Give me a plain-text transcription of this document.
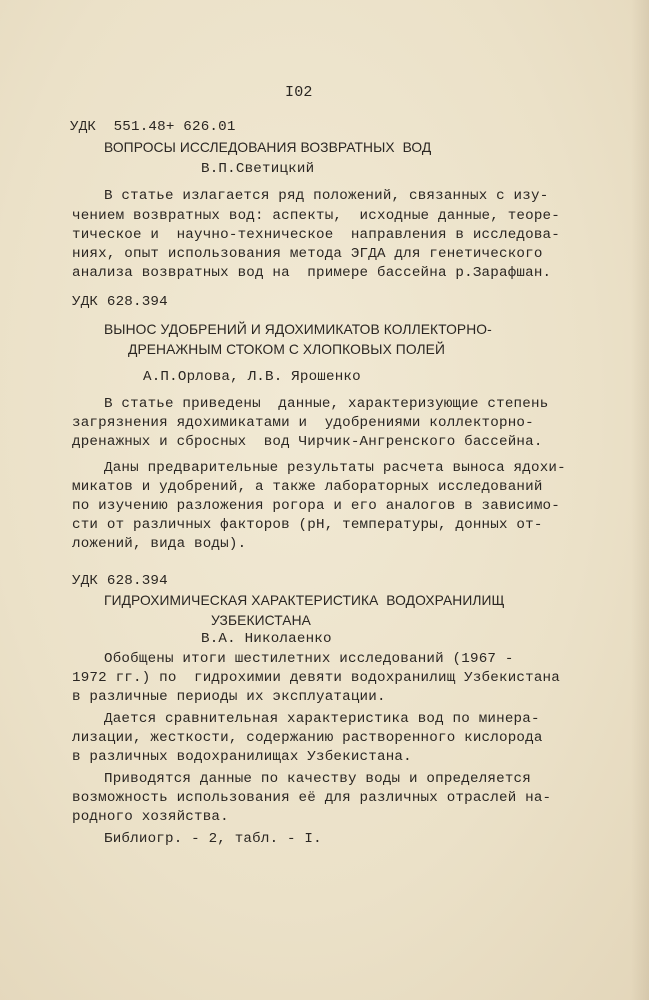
I02
УДК  551.48+ 626.01
ВОПРОСЫ ИССЛЕДОВАНИЯ ВОЗВРАТНЫХ  ВОД
В.П.Светицкий
В статье излагается ряд положений, связанных с изу-
чением возвратных вод: аспекты,  исходные данные, теоре-
тическое и  научно-техническое  направления в исследова-
ниях, опыт использования метода ЭГДА для генетического
анализа возвратных вод на  примере бассейна р.Зарафшан.
УДК 628.394
ВЫНОС УДОБРЕНИЙ И ЯДОХИМИКАТОВ КОЛЛЕКТОРНО-
ДРЕНАЖНЫМ СТОКОМ С ХЛОПКОВЫХ ПОЛЕЙ
А.П.Орлова, Л.В. Ярошенко
В статье приведены  данные, характеризующие степень
загрязнения ядохимикатами и  удобрениями коллекторно-
дренажных и сбросных  вод Чирчик-Ангренского бассейна.
Даны предварительные результаты расчета выноса ядохи-
микатов и удобрений, а также лабораторных исследований
по изучению разложения рогора и его аналогов в зависимо-
сти от различных факторов (pH, температуры, донных от-
ложений, вида воды).
УДК 628.394
ГИДРОХИМИЧЕСКАЯ ХАРАКТЕРИСТИКА  ВОДОХРАНИЛИЩ
УЗБЕКИСТАНА
В.А. Николаенко
Обобщены итоги шестилетних исследований (1967 -
1972 гг.) по  гидрохимии девяти водохранилищ Узбекистана
в различные периоды их эксплуатации.
Дается сравнительная характеристика вод по минера-
лизации, жесткости, содержанию растворенного кислорода
в различных водохранилищах Узбекистана.
Приводятся данные по качеству воды и определяется
возможность использования её для различных отраслей на-
родного хозяйства.
Библиогр. - 2, табл. - I.
